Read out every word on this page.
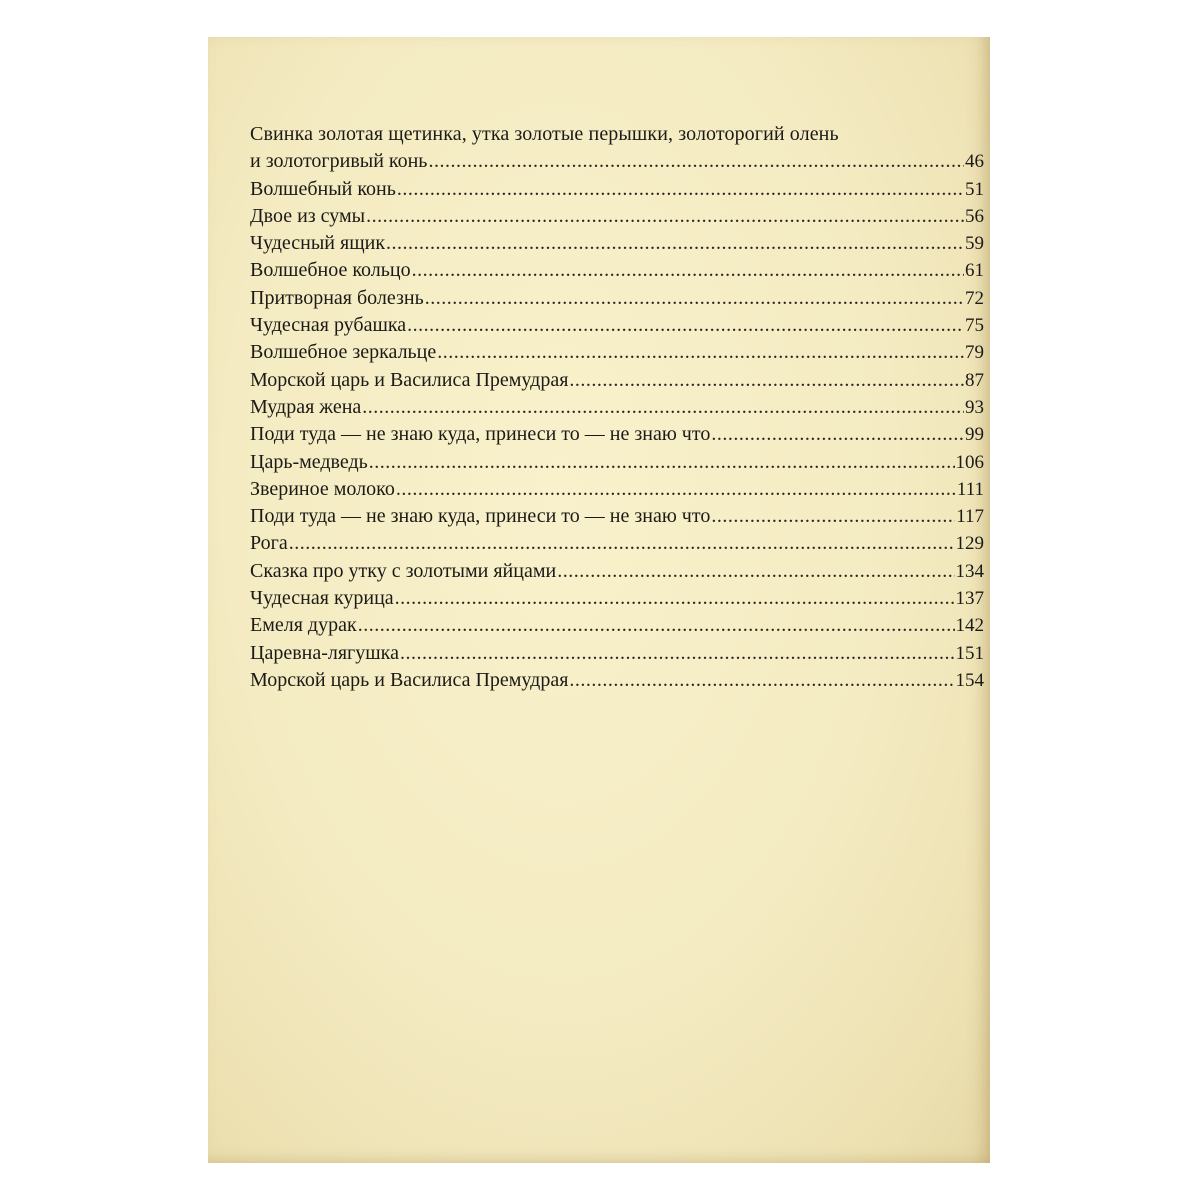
Свинка золотая щетинка, утка золотые перышки, золоторогий олень
и золотогривый конь .....	46
Волшебный конь .....	51
Двое из сумы .....	56
Чудесный ящик .....	59
Волшебное кольцо .....	61
Притворная болезнь .....	72
Чудесная рубашка .....	75
Волшебное зеркальце .....	79
Морской царь и Василиса Премудрая .....	87
Мудрая жена .....	93
Поди туда — не знаю куда, принеси то — не знаю что .....	99
Царь-медведь .....	106
Звериное молоко .....	111
Поди туда — не знаю куда, принеси то — не знаю что .....	117
Рога .....	129
Сказка про утку с золотыми яйцами .....	134
Чудесная курица .....	137
Емеля дурак .....	142
Царевна-лягушка .....	151
Морской царь и Василиса Премудрая .....	154
